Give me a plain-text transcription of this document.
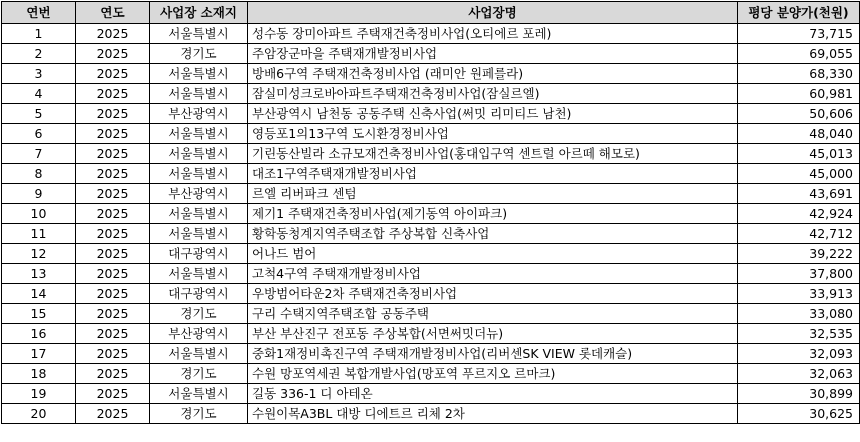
연번	연도	사업장 소재지	사업장명	평당 분양가(천원)
1	2025	서울특별시	성수동 장미아파트 주택재건축정비사업(오티에르 포레)	73,715
2	2025	경기도	주암장군마을 주택재개발정비사업	69,055
3	2025	서울특별시	방배6구역 주택재건축정비사업 (래미안 원페를라)	68,330
4	2025	서울특별시	잠실미성크로바아파트주택재건축정비사업(잠실르엘)	60,981
5	2025	부산광역시	부산광역시 남천동 공동주택 신축사업(써밋 리미티드 남천)	50,606
6	2025	서울특별시	영등포1의13구역 도시환경정비사업	48,040
7	2025	서울특별시	기린동산빌라 소규모재건축정비사업(홍대입구역 센트럴 아르떼 해모로)	45,013
8	2025	서울특별시	대조1구역주택재개발정비사업	45,000
9	2025	부산광역시	르엘 리버파크 센텀	43,691
10	2025	서울특별시	제기1 주택재건축정비사업(제기동역 아이파크)	42,924
11	2025	서울특별시	황학동청계지역주택조합 주상복합 신축사업	42,712
12	2025	대구광역시	어나드 범어	39,222
13	2025	서울특별시	고척4구역 주택재개발정비사업	37,800
14	2025	대구광역시	우방범어타운2차 주택재건축정비사업	33,913
15	2025	경기도	구리 수택지역주택조합 공동주택	33,080
16	2025	부산광역시	부산 부산진구 전포동 주상복합(서면써밋더뉴)	32,535
17	2025	서울특별시	중화1재정비촉진구역 주택재개발정비사업(리버센SK VIEW 롯데캐슬)	32,093
18	2025	경기도	수원 망포역세권 복합개발사업(망포역 푸르지오 르마크)	32,063
19	2025	서울특별시	길동 336-1 디 아테온	30,899
20	2025	경기도	수원이목A3BL 대방 디에트르 리체 2차	30,625
